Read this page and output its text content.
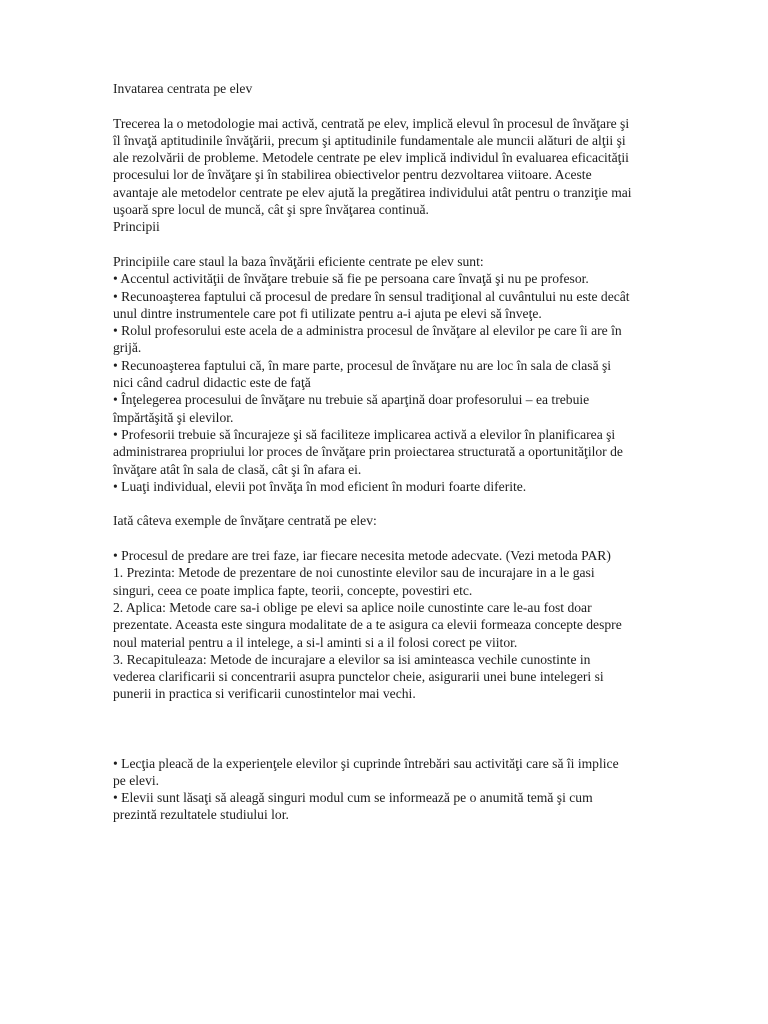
Invatarea centrata pe elev

Trecerea la o metodologie mai activă, centrată pe elev, implică elevul în procesul de învăţare şi îl învaţă aptitudinile învăţării, precum şi aptitudinile fundamentale ale muncii alături de alţii şi ale rezolvării de probleme. Metodele centrate pe elev implică individul în evaluarea eficacităţii procesului lor de învăţare şi în stabilirea obiectivelor pentru dezvoltarea viitoare. Aceste avantaje ale metodelor centrate pe elev ajută la pregătirea individului atât pentru o tranziţie mai uşoară spre locul de muncă, cât şi spre învăţarea continuă.

Principii

Principiile care staul la baza învăţării eficiente centrate pe elev sunt:

• Accentul activităţii de învăţare trebuie să fie pe persoana care învaţă şi nu pe profesor.

• Recunoaşterea faptului că procesul de predare în sensul tradiţional al cuvântului nu este decât unul dintre instrumentele care pot fi utilizate pentru a-i ajuta pe elevi să înveţe.

• Rolul profesorului este acela de a administra procesul de învăţare al elevilor pe care îi are în grijă.

• Recunoaşterea faptului că, în mare parte, procesul de învăţare nu are loc în sala de clasă şi nici când cadrul didactic este de faţă

• Înţelegerea procesului de învăţare nu trebuie să aparţină doar profesorului – ea trebuie împărtăşită şi elevilor.

• Profesorii trebuie să încurajeze şi să faciliteze implicarea activă a elevilor în planificarea şi administrarea propriului lor proces de învăţare prin proiectarea structurată a oportunităţilor de învăţare atât în sala de clasă, cât şi în afara ei.

• Luaţi individual, elevii pot învăţa în mod eficient în moduri foarte diferite.

Iată câteva exemple de învăţare centrată pe elev:

• Procesul de predare are trei faze, iar fiecare necesita metode adecvate. (Vezi metoda PAR)

1. Prezinta: Metode de prezentare de noi cunostinte elevilor sau de incurajare in a le gasi singuri, ceea ce poate implica fapte, teorii, concepte, povestiri etc.

2. Aplica: Metode care sa-i oblige pe elevi sa aplice noile cunostinte care le-au fost doar prezentate. Aceasta este singura modalitate de a te asigura ca elevii formeaza concepte despre noul material pentru a il intelege, a si-l aminti si a il folosi corect pe viitor.

3. Recapituleaza: Metode de incurajare a elevilor sa isi aminteasca vechile cunostinte in vederea clarificarii si concentrarii asupra punctelor cheie, asigurarii unei bune intelegeri si punerii in practica si verificarii cunostintelor mai vechi.

• Lecţia pleacă de la experienţele elevilor şi cuprinde întrebări sau activităţi care să îi implice pe elevi.

• Elevii sunt lăsaţi să aleagă singuri modul cum se informează pe o anumită temă şi cum prezintă rezultatele studiului lor.
